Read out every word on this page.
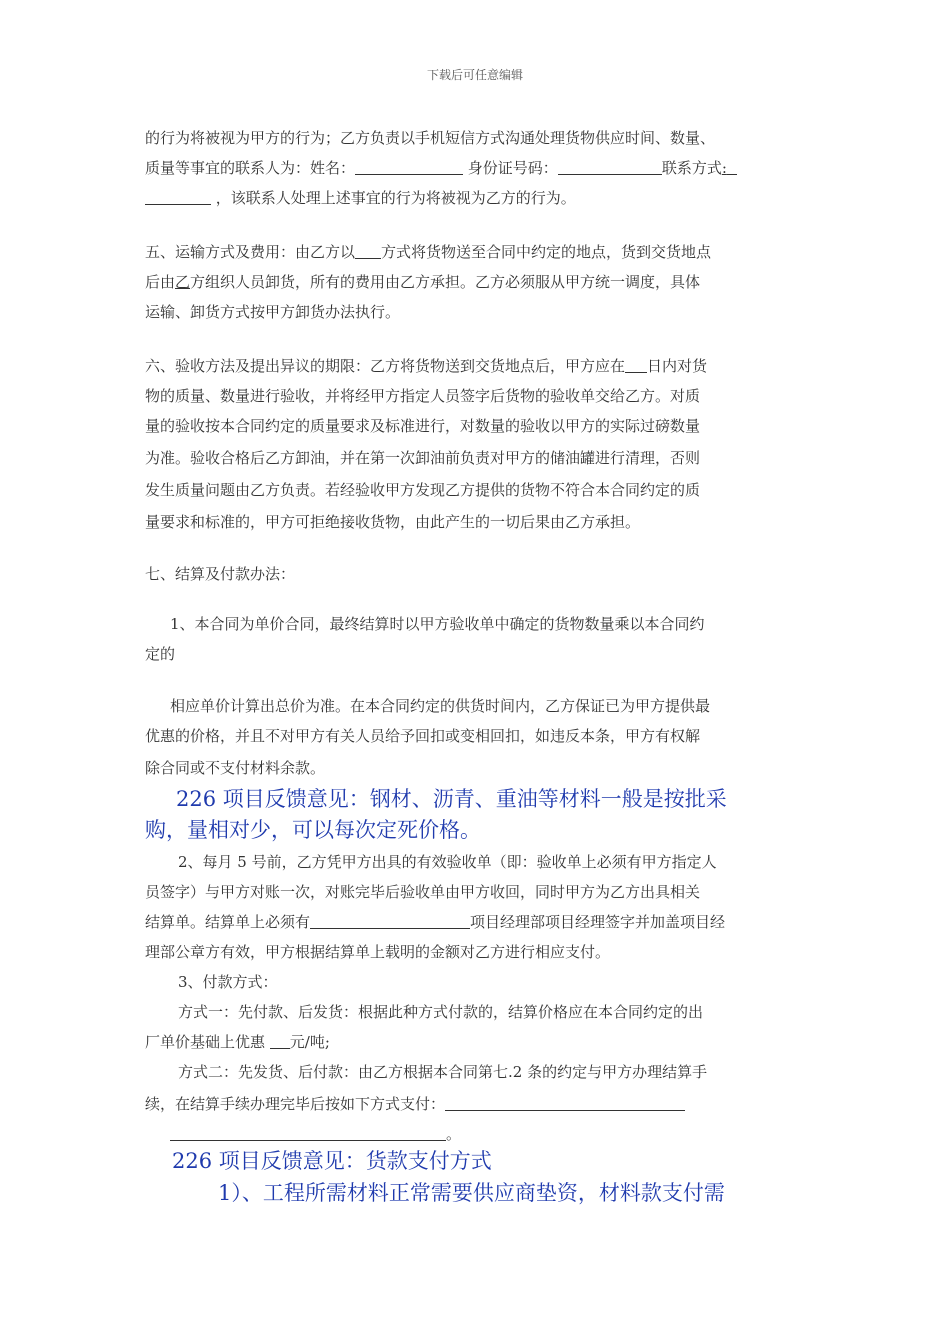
下载后可任意编辑
的行为将被视为甲方的行为；乙方负责以手机短信方式沟通处理货物供应时间、数量、
质量等事宜的联系人为：姓名：	身份证号码：	联系方式:
，该联系人处理上述事宜的行为将被视为乙方的行为。
五、运输方式及费用：由乙方以 方式将货物送至合同中约定的地点，货到交货地点
后由乙方组织人员卸货，所有的费用由乙方承担。乙方必须服从甲方统一调度，具体
运输、卸货方式按甲方卸货办法执行。
六、验收方法及提出异议的期限：乙方将货物送到交货地点后，甲方应在 日内对货
物的质量、数量进行验收，并将经甲方指定人员签字后货物的验收单交给乙方。对质
量的验收按本合同约定的质量要求及标准进行，对数量的验收以甲方的实际过磅数量
为准。验收合格后乙方卸油，并在第一次卸油前负责对甲方的储油罐进行清理，否则
发生质量问题由乙方负责。若经验收甲方发现乙方提供的货物不符合本合同约定的质
量要求和标准的，甲方可拒绝接收货物，由此产生的一切后果由乙方承担。
七、结算及付款办法：
1、本合同为单价合同，最终结算时以甲方验收单中确定的货物数量乘以本合同约
定的
相应单价计算出总价为准。在本合同约定的供货时间内，乙方保证已为甲方提供最
优惠的价格，并且不对甲方有关人员给予回扣或变相回扣，如违反本条，甲方有权解
除合同或不支付材料余款。
226 项目反馈意见：钢材、沥青、重油等材料一般是按批采
购，量相对少，可以每次定死价格。
2、每月 5 号前，乙方凭甲方出具的有效验收单（即：验收单上必须有甲方指定人
员签字）与甲方对账一次，对账完毕后验收单由甲方收回，同时甲方为乙方出具相关
结算单。结算单上必须有	项目经理部项目经理签字并加盖项目经
理部公章方有效，甲方根据结算单上载明的金额对乙方进行相应支付。
3、付款方式：
方式一：先付款、后发货：根据此种方式付款的，结算价格应在本合同约定的出
厂单价基础上优惠 元/吨;
方式二：先发货、后付款：由乙方根据本合同第七.2 条的约定与甲方办理结算手
续，在结算手续办理完毕后按如下方式支付：
。
226 项目反馈意见：货款支付方式
1）、工程所需材料正常需要供应商垫资，材料款支付需
